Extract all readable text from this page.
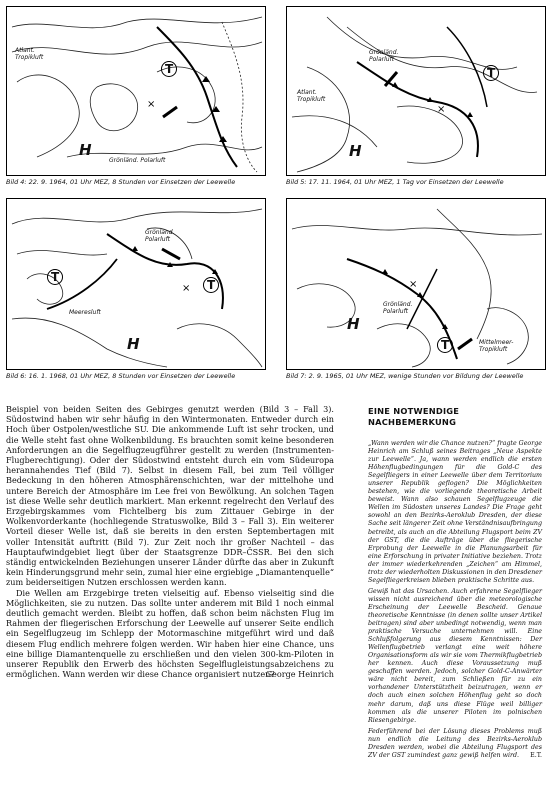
×
Atlant. Tropikluft
Grönländ. Polarluft
H
T
Bild 4: 22. 9. 1964, 01 Uhr MEZ, 8 Stunden vor Einsetzen der Leewelle
×
Grönländ. Polarluft
Atlant. Tropikluft
H
T
Bild 5: 17. 11. 1964, 01 Uhr MEZ, 1 Tag vor Einsetzen der Leewelle
×
Grönländ. Polarluft
Meeresluft
H
T
T
Bild 6: 16. 1. 1968, 01 Uhr MEZ, 8 Stunden vor Einsetzen der Leewelle
×
Grönländ. Polarluft
Mittelmeer-Tropikluft
H
T
Bild 7: 2. 9. 1965, 01 Uhr MEZ, wenige Stunden vor Bildung der Leewelle

Beispiel von beiden Seiten des Gebirges genutzt werden (Bild 3 – Fall 3). Südostwind haben wir sehr häufig in den Wintermonaten. Entweder durch ein Hoch über Ostpolen/westliche SU. Die ankommende Luft ist sehr trocken, und die Welle steht fast ohne Wolkenbildung. Es brauchten somit keine besonderen Anforderungen an die Segelflugzeugführer gestellt zu werden (Instrumenten-Flugberechtigung). Oder der Südostwind entsteht durch ein vom Südeuropa herannahendes Tief (Bild 7). Selbst in diesem Fall, bei zum Teil völliger Bedeckung in den höheren Atmosphärenschichten, war der mittelhohe und untere Bereich der Atmosphäre im Lee frei von Bewölkung. An solchen Tagen ist diese Welle sehr deutlich markiert. Man erkennt regelrecht den Verlauf des Erzgebirgskammes vom Fichtelberg bis zum Zittauer Gebirge in der Wolkenvorderkante (hochliegende Stratuswolke, Bild 3 – Fall 3). Ein weiterer Vorteil dieser Welle ist, daß sie bereits in den ersten Septembertagen mit voller Intensität auftritt (Bild 7). Zur Zeit noch ihr großer Nachteil – das Hauptaufwindgebiet liegt über der Staatsgrenze DDR–ČSSR. Bei den sich ständig entwickelnden Beziehungen unserer Länder dürfte das aber in Zukunft kein Hinderungsgrund mehr sein, zumal hier eine ergiebige „Diamantenquelle“ zum beiderseitigen Nutzen erschlossen werden kann.

Die Wellen am Erzgebirge treten vielseitig auf. Ebenso vielseitig sind die Möglichkeiten, sie zu nutzen. Das sollte unter anderem mit Bild 1 noch einmal deutlich gemacht werden. Bleibt zu hoffen, daß schon beim nächsten Flug im Rahmen der fliegerischen Erforschung der Leewelle auf unserer Seite endlich ein Segelflugzeug im Schlepp der Motormaschine mitgeführt wird und daß diesem Flug endlich mehrere folgen werden. Wir haben hier eine Chance, uns eine billige Diamantenquelle zu erschließen und den vielen 300-km-Piloten in unserer Republik den Erwerb des höchsten Segelflugleistungsabzeichens zu ermöglichen. Wann werden wir diese Chance organisiert nutzen?

George Heinrich
EINE NOTWENDIGE
NACHBEMERKUNG

„Wann werden wir die Chance nutzen?“ fragte George Heinrich am Schluß seines Beitrages „Neue Aspekte zur Leewelle“. Ja, wann werden endlich die ersten Höhenflugbedingungen für die Gold-C des Segelfliegers in einer Leewelle über dem Territorium unserer Republik geflogen? Die Möglichkeiten bestehen, wie die vorliegende theoretische Arbeit beweist. Wann also schauen Segelflugzeuge die Wellen im Südosten unseres Landes? Die Frage geht sowohl an den Bezirks-Aeroklub Dresden, der diese Sache seit längerer Zeit ohne Verständnisaufbringung betreibt, als auch an die Abteilung Flugsport beim ZV der GST, die die Aufträge über die fliegerische Erprobung der Leewelle in die Planungsarbeit für eine Erforschung in privater Initiative beziehen. Trotz der immer wiederkehrenden „Zeichen“ am Himmel, trotz der wiederholten Diskussionen in den Dresdener Segelfliegerkreisen blieben praktische Schritte aus.

Gewiß hat das Ursachen. Auch erfahrene Segelflieger wissen nicht ausreichend über die meteorologische Erscheinung der Leewelle Bescheid. Genaue theoretische Kenntnisse (in denen sollte unser Artikel beitragen) sind aber unbedingt notwendig, wenn man praktische Versuche unternehmen will. Eine Schlußfolgerung aus diesem Kenntnissen: Der Wellenflugbetrieb verlangt eine weit höhere Organisationsform als wir sie vom Thermikflugbetrieb her kennen. Auch diese Voraussetzung muß geschaffen werden. Jedoch, solcher Gold-C-Anwärter wäre nicht bereit, zum Schließen für zu ein vorhandener Unterstütztheit beizutragen, wenn er doch auch einen solchen Höhenflug geht so doch mehr darum, daß uns diese Flüge weil billiger kommen als die unserer Piloten im polnischen Riesengebirge.

Federführend bei der Lösung dieses Problems muß nun endlich die Leitung des Bezirks-Aeroklub Dresden werden, wobei die Abteilung Flugsport des ZV der GST zumindest ganz gewiß helfen wird. E.T.
